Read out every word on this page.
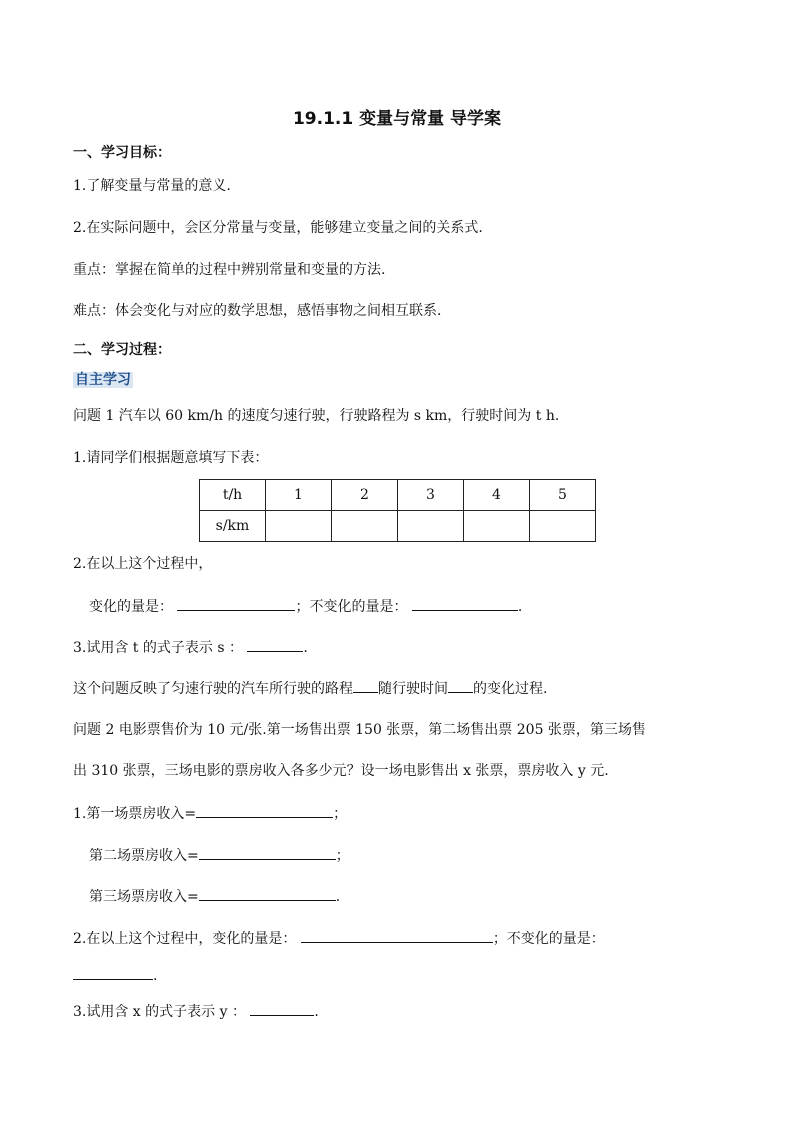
19.1.1 变量与常量 导学案
一、学习目标：
1.了解变量与常量的意义.
2.在实际问题中，会区分常量与变量，能够建立变量之间的关系式.
重点：掌握在简单的过程中辨别常量和变量的方法.
难点：体会变化与对应的数学思想，感悟事物之间相互联系.
二、学习过程：
自主学习
问题 1 汽车以 60 km/h 的速度匀速行驶，行驶路程为 s km，行驶时间为 t h.
1.请同学们根据题意填写下表：
t/h	1	2	3	4	5
s/km					
2.在以上这个过程中，
变化的量是：	；不变化的量是：	.
3.试用含 t 的式子表示 s ：	.
这个问题反映了匀速行驶的汽车所行驶的路程 随行驶时间 的变化过程.
问题 2 电影票售价为 10 元/张.第一场售出票 150 张票，第二场售出票 205 张票，第三场售
出 310 张票，三场电影的票房收入各多少元？设一场电影售出 x 张票，票房收入 y 元.
1.第一场票房收入=	；
第二场票房收入=	；
第三场票房收入=	.
2.在以上这个过程中，变化的量是：	；不变化的量是：
.
3.试用含 x 的式子表示 y ：	.
